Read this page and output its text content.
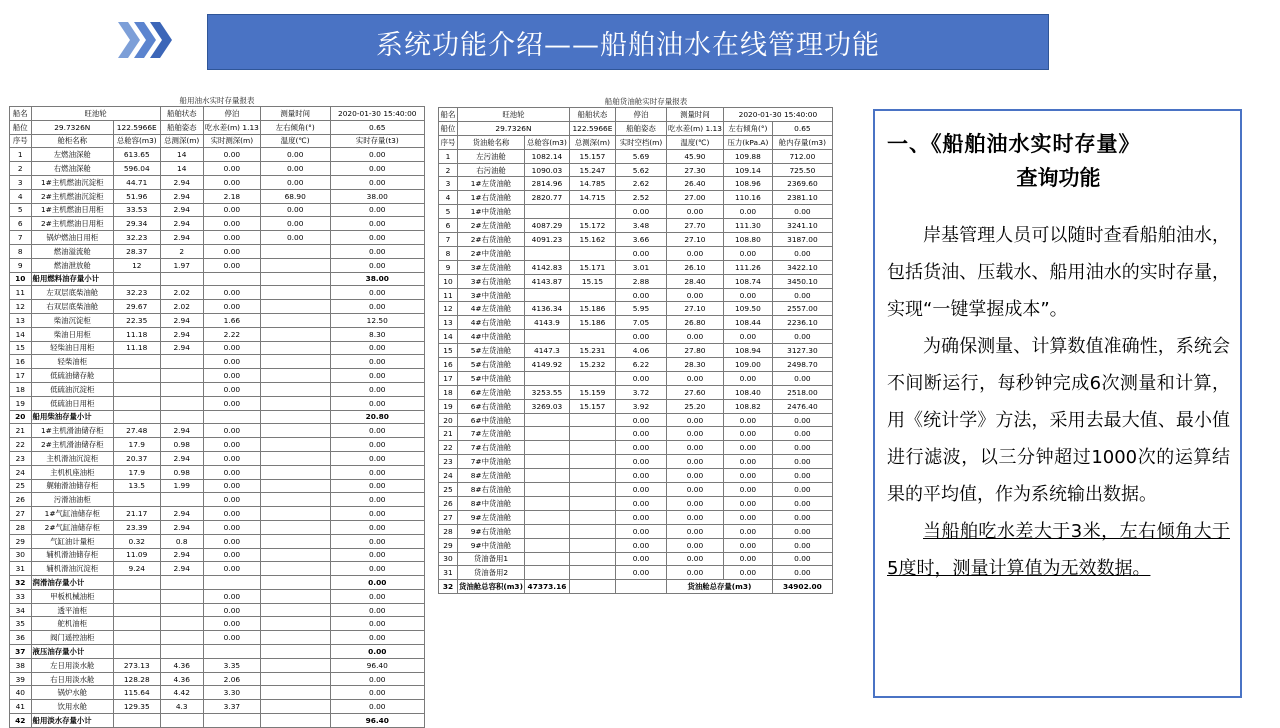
系统功能介绍——船舶油水在线管理功能
船用油水实时存量报表
船名	旺池轮		船舶状态	停泊	测量时间	2020-01-30 15:40:00
船位	29.7326N	122.5966E	船舶姿态	吃水差(m) 1.13	左右倾角(°)	0.65
序号	舱柜名称	总舱容(m3)	总测深(m)	实时测深(m)	温度(℃)	实时存量(t3)
1	左燃油深舱	613.65	14	0.00	0.00	0.00
2	右燃油深舱	596.04	14	0.00	0.00	0.00
3	1#主机燃油沉淀柜	44.71	2.94	0.00	0.00	0.00
4	2#主机燃油沉淀柜	51.96	2.94	2.18	68.90	38.00
5	1#主机燃油日用柜	33.53	2.94	0.00	0.00	0.00
6	2#主机燃油日用柜	29.34	2.94	0.00	0.00	0.00
7	锅炉燃油日用柜	32.23	2.94	0.00	0.00	0.00
8	燃油溢流舱	28.37	2	0.00		0.00
9	燃油泄放舱	12	1.97	0.00		0.00
10	船用燃料油存量小计					38.00
11	左双层底柴油舱	32.23	2.02	0.00		0.00
12	右双层底柴油舱	29.67	2.02	0.00		0.00
13	柴油沉淀柜	22.35	2.94	1.66		12.50
14	柴油日用柜	11.18	2.94	2.22		8.30
15	轻柴油日用柜	11.18	2.94	0.00		0.00
16	轻柴油柜			0.00		0.00
17	低硫油储存舱			0.00		0.00
18	低硫油沉淀柜			0.00		0.00
19	低硫油日用柜			0.00		0.00
20	船用柴油存量小计					20.80
21	1#主机滑油储存柜	27.48	2.94	0.00		0.00
22	2#主机滑油储存柜	17.9	0.98	0.00		0.00
23	主机滑油沉淀柜	20.37	2.94	0.00		0.00
24	主机机座油柜	17.9	0.98	0.00		0.00
25	艉轴滑油储存柜	13.5	1.99	0.00		0.00
26	污滑油油柜			0.00		0.00
27	1#气缸油储存柜	21.17	2.94	0.00		0.00
28	2#气缸油储存柜	23.39	2.94	0.00		0.00
29	气缸油计量柜	0.32	0.8	0.00		0.00
30	辅机滑油储存柜	11.09	2.94	0.00		0.00
31	辅机滑油沉淀柜	9.24	2.94	0.00		0.00
32	润滑油存量小计					0.00
33	甲板机械油柜			0.00		0.00
34	透平油柜			0.00		0.00
35	舵机油柜			0.00		0.00
36	阀门遥控油柜			0.00		0.00
37	液压油存量小计					0.00
38	左日用淡水舱	273.13	4.36	3.35		96.40
39	右日用淡水舱	128.28	4.36	2.06		0.00
40	锅炉水舱	115.64	4.42	3.30		0.00
41	饮用水舱	129.35	4.3	3.37		0.00
42	船用淡水存量小计					96.40
船舶货油舱实时存量报表
船名	旺池轮		船舶状态	停泊	测量时间	2020-01-30 15:40:00	
船位	29.7326N		122.5966E	船舶姿态	吃水差(m) 1.13	左右倾角(°)	0.65
序号	货油舱名称	总舱容(m3)	总测深(m)	实时空档(m)	温度(℃)	压力(kPa.A)	舱内存量(m3)
1	左污油舱	1082.14	15.157	5.69	45.90	109.88	712.00
2	右污油舱	1090.03	15.247	5.62	27.30	109.14	725.50
3	1#左货油舱	2814.96	14.785	2.62	26.40	108.96	2369.60
4	1#右货油舱	2820.77	14.715	2.52	27.00	110.16	2381.10
5	1#中货油舱			0.00	0.00	0.00	0.00
6	2#左货油舱	4087.29	15.172	3.48	27.70	111.30	3241.10
7	2#右货油舱	4091.23	15.162	3.66	27.10	108.80	3187.00
8	2#中货油舱			0.00	0.00	0.00	0.00
9	3#左货油舱	4142.83	15.171	3.01	26.10	111.26	3422.10
10	3#右货油舱	4143.87	15.15	2.88	28.40	108.74	3450.10
11	3#中货油舱			0.00	0.00	0.00	0.00
12	4#左货油舱	4136.34	15.186	5.95	27.10	109.50	2557.00
13	4#右货油舱	4143.9	15.186	7.05	26.80	108.44	2236.10
14	4#中货油舱			0.00	0.00	0.00	0.00
15	5#左货油舱	4147.3	15.231	4.06	27.80	108.94	3127.30
16	5#右货油舱	4149.92	15.232	6.22	28.30	109.00	2498.70
17	5#中货油舱			0.00	0.00	0.00	0.00
18	6#左货油舱	3253.55	15.159	3.72	27.60	108.40	2518.00
19	6#右货油舱	3269.03	15.157	3.92	25.20	108.82	2476.40
20	6#中货油舱			0.00	0.00	0.00	0.00
21	7#左货油舱			0.00	0.00	0.00	0.00
22	7#右货油舱			0.00	0.00	0.00	0.00
23	7#中货油舱			0.00	0.00	0.00	0.00
24	8#左货油舱			0.00	0.00	0.00	0.00
25	8#右货油舱			0.00	0.00	0.00	0.00
26	8#中货油舱			0.00	0.00	0.00	0.00
27	9#左货油舱			0.00	0.00	0.00	0.00
28	9#右货油舱			0.00	0.00	0.00	0.00
29	9#中货油舱			0.00	0.00	0.00	0.00
30	货油备用1			0.00	0.00	0.00	0.00
31	货油备用2			0.00	0.00	0.00	0.00
32	货油舱总容积(m3)	47373.16			货油舱总存量(m3)		34902.00
一、《船舶油水实时存量》
查询功能

岸基管理人员可以随时查看船舶油水，包括货油、压载水、船用油水的实时存量，实现“一键掌握成本”。

为确保测量、计算数值准确性，系统会不间断运行，每秒钟完成6次测量和计算，用《统计学》方法，采用去最大值、最小值进行滤波，以三分钟超过1000次的运算结果的平均值，作为系统输出数据。

当船舶吃水差大于3米，左右倾角大于5度时，测量计算值为无效数据。
